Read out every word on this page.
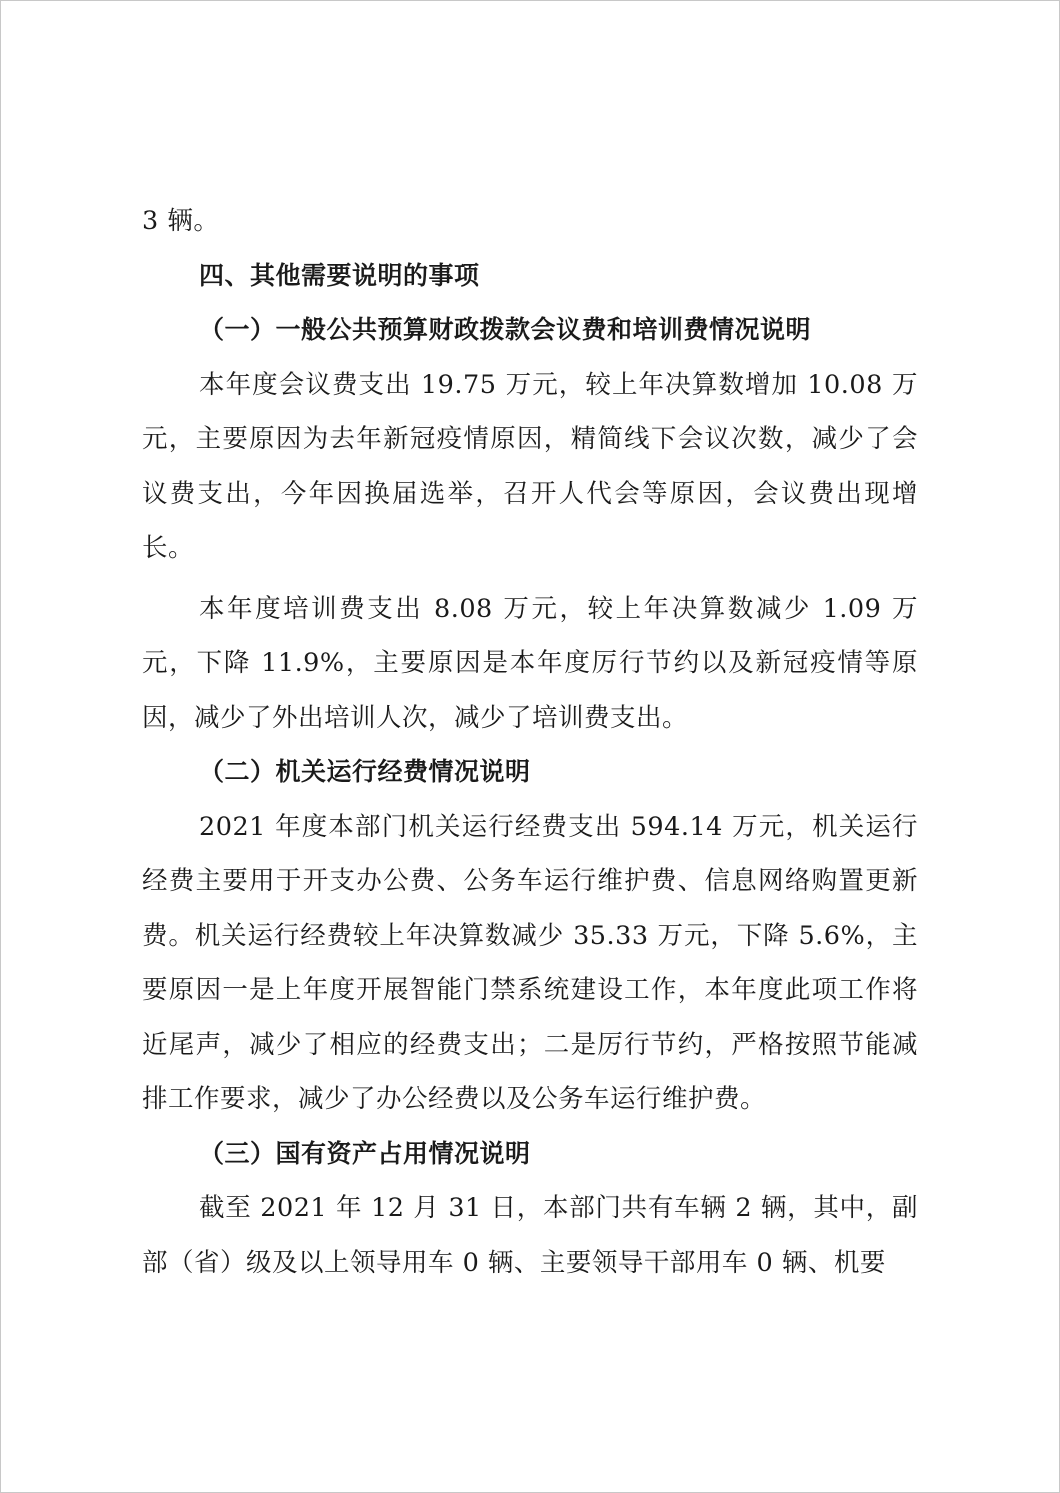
3 辆。

四、其他需要说明的事项

（一）一般公共预算财政拨款会议费和培训费情况说明

本年度会议费支出 19.75 万元，较上年决算数增加 10.08 万元，主要原因为去年新冠疫情原因，精简线下会议次数，减少了会议费支出，今年因换届选举，召开人代会等原因，会议费出现增长。

本年度培训费支出 8.08 万元，较上年决算数减少 1.09 万元，下降 11.9%，主要原因是本年度厉行节约以及新冠疫情等原因，减少了外出培训人次，减少了培训费支出。

（二）机关运行经费情况说明

2021 年度本部门机关运行经费支出 594.14 万元，机关运行经费主要用于开支办公费、公务车运行维护费、信息网络购置更新费。机关运行经费较上年决算数减少 35.33 万元，下降 5.6%，主要原因一是上年度开展智能门禁系统建设工作，本年度此项工作将近尾声，减少了相应的经费支出；二是厉行节约，严格按照节能减排工作要求，减少了办公经费以及公务车运行维护费。

（三）国有资产占用情况说明

截至 2021 年 12 月 31 日，本部门共有车辆 2 辆，其中，副部（省）级及以上领导用车 0 辆、主要领导干部用车 0 辆、机要
